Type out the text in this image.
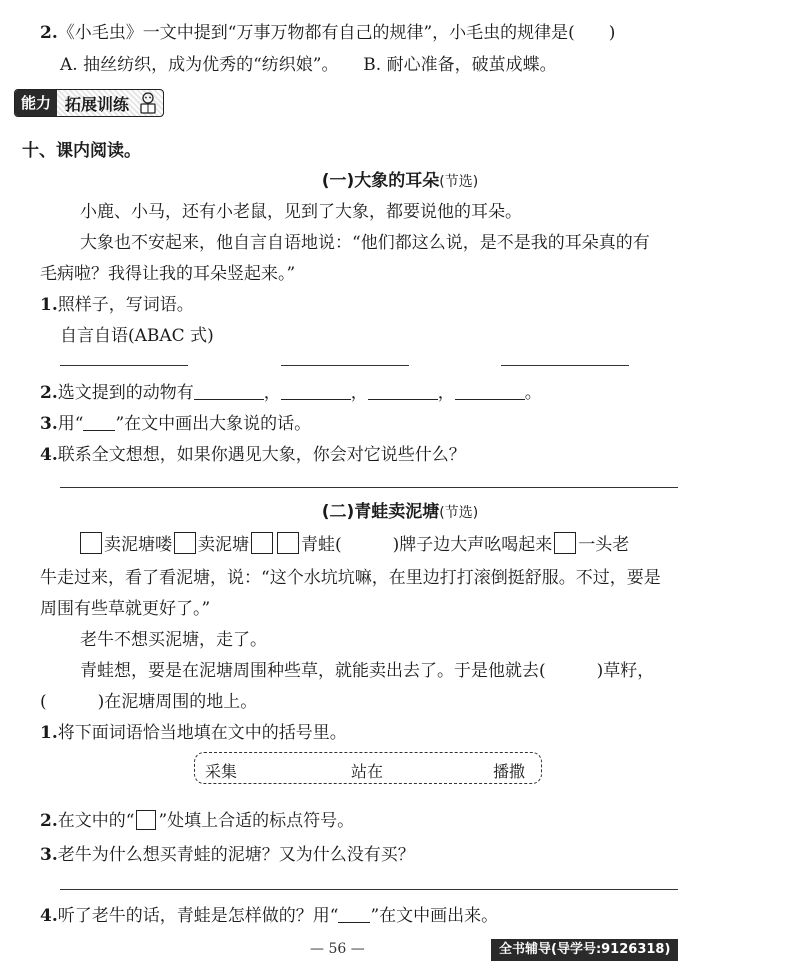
2.《小毛虫》一文中提到“万事万物都有自己的规律”，小毛虫的规律是(　　)
A. 抽丝纺织，成为优秀的“纺织娘”。 B. 耐心准备，破茧成蝶。
能力 拓展训练
十、课内阅读。
(一)大象的耳朵(节选)
小鹿、小马，还有小老鼠，见到了大象，都要说他的耳朵。
大象也不安起来，他自言自语地说：“他们都这么说，是不是我的耳朵真的有
毛病啦？我得让我的耳朵竖起来。”
1.照样子，写词语。
自言自语(ABAC 式)
2.选文提到的动物有	，	，	，	。
3.用“ ”在文中画出大象说的话。
4.联系全文想想，如果你遇见大象，你会对它说些什么？
(二)青蛙卖泥塘(节选)
卖泥塘喽 卖泥塘	青蛙(　　　)牌子边大声吆喝起来 一头老
牛走过来，看了看泥塘，说：“这个水坑坑嘛，在里边打打滚倒挺舒服。不过，要是
周围有些草就更好了。”
老牛不想买泥塘，走了。
青蛙想，要是在泥塘周围种些草，就能卖出去了。于是他就去(　　　)草籽，
(　　　)在泥塘周围的地上。
1.将下面词语恰当地填在文中的括号里。
采集	站在	播撒
2.在文中的“ ”处填上合适的标点符号。
3.老牛为什么想买青蛙的泥塘？又为什么没有买？
4.听了老牛的话，青蛙是怎样做的？用“ ”在文中画出来。
— 56 —	全书辅导(导学号:9126318)
